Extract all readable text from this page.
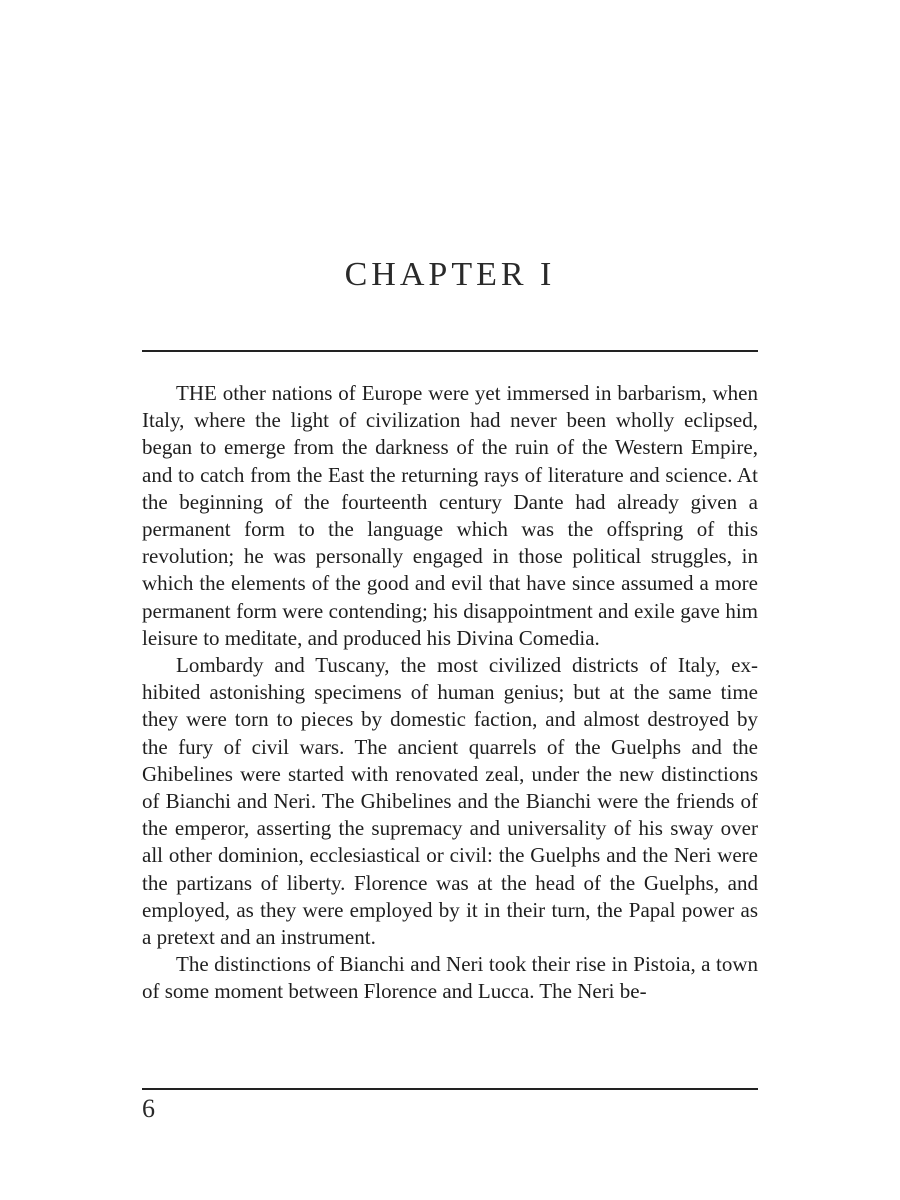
CHAPTER I

THE other nations of Europe were yet immersed in barbarism, when Italy, where the light of civilization had never been wholly eclipsed, began to emerge from the darkness of the ruin of the Western Empire, and to catch from the East the returning rays of literature and science. At the beginning of the fourteenth century Dante had already given a permanent form to the language which was the offspring of this revolution; he was personally engaged in those political struggles, in which the elements of the good and evil that have since assumed a more permanent form were contending; his disappointment and exile gave him leisure to meditate, and produced his Divina Comedia.

Lombardy and Tuscany, the most civilized districts of Italy, exhibited astonishing specimens of human genius; but at the same time they were torn to pieces by domestic faction, and almost destroyed by the fury of civil wars. The ancient quarrels of the Guelphs and the Ghibelines were started with renovated zeal, under the new distinctions of Bianchi and Neri. The Ghibelines and the Bianchi were the friends of the emperor, asserting the supremacy and universality of his sway over all other dominion, ecclesiastical or civil: the Guelphs and the Neri were the partizans of liberty. Florence was at the head of the Guelphs, and employed, as they were employed by it in their turn, the Papal power as a pretext and an instrument.

The distinctions of Bianchi and Neri took their rise in Pistoia, a town of some moment between Florence and Lucca. The Neri be-

6
